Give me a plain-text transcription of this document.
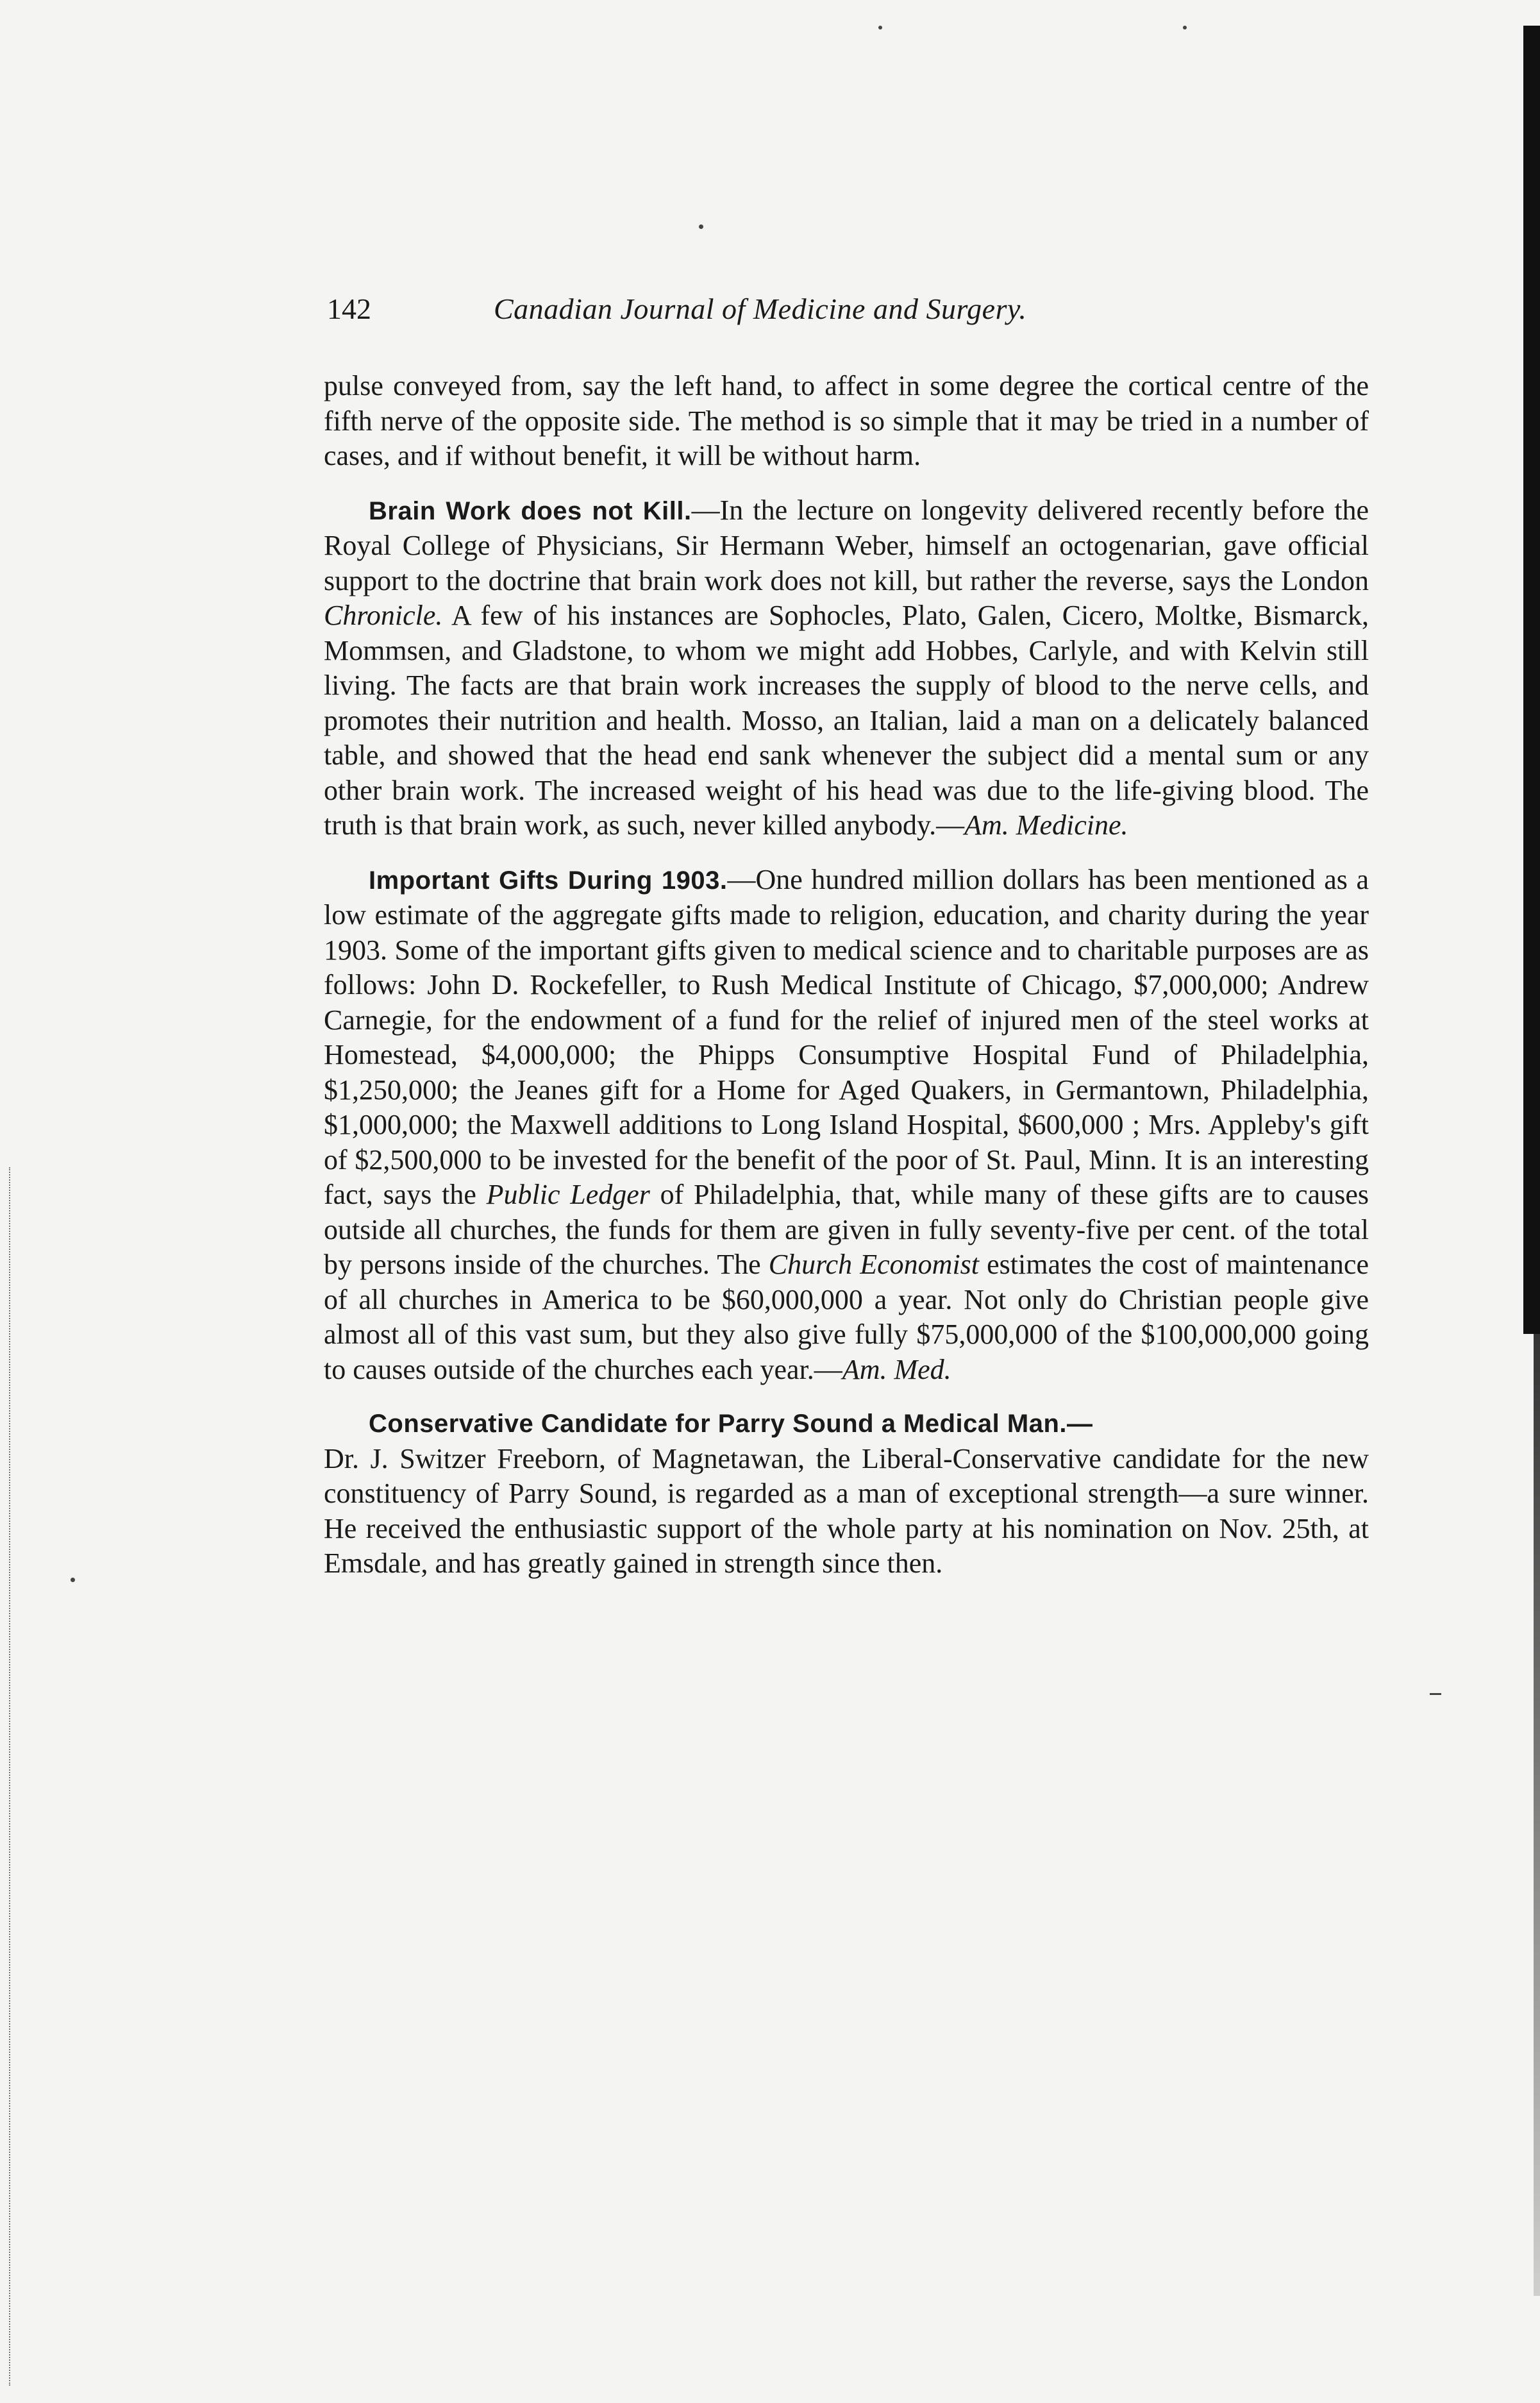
142	Canadian Journal of Medicine and Surgery.

pulse conveyed from, say the left hand, to affect in some degree the cortical centre of the fifth nerve of the opposite side. The method is so simple that it may be tried in a number of cases, and if without benefit, it will be without harm.

Brain Work does not Kill.—In the lecture on longevity delivered recently before the Royal College of Physicians, Sir Hermann Weber, himself an octogenarian, gave official support to the doctrine that brain work does not kill, but rather the reverse, says the London Chronicle. A few of his instances are Sophocles, Plato, Galen, Cicero, Moltke, Bismarck, Mommsen, and Gladstone, to whom we might add Hobbes, Carlyle, and with Kelvin still living. The facts are that brain work increases the supply of blood to the nerve cells, and promotes their nutrition and health. Mosso, an Italian, laid a man on a delicately balanced table, and showed that the head end sank whenever the subject did a mental sum or any other brain work. The increased weight of his head was due to the life-giving blood. The truth is that brain work, as such, never killed anybody.—Am. Medicine.

Important Gifts During 1903.—One hundred million dollars has been mentioned as a low estimate of the aggregate gifts made to religion, education, and charity during the year 1903. Some of the important gifts given to medical science and to charitable purposes are as follows: John D. Rockefeller, to Rush Medical Institute of Chicago, $7,000,000; Andrew Carnegie, for the endowment of a fund for the relief of injured men of the steel works at Homestead, $4,000,000; the Phipps Consumptive Hospital Fund of Philadelphia, $1,250,000; the Jeanes gift for a Home for Aged Quakers, in Germantown, Philadelphia, $1,000,000; the Maxwell additions to Long Island Hospital, $600,000 ; Mrs. Appleby's gift of $2,500,000 to be invested for the benefit of the poor of St. Paul, Minn. It is an interesting fact, says the Public Ledger of Philadelphia, that, while many of these gifts are to causes outside all churches, the funds for them are given in fully seventy-five per cent. of the total by persons inside of the churches. The Church Economist estimates the cost of maintenance of all churches in America to be $60,000,000 a year. Not only do Christian people give almost all of this vast sum, but they also give fully $75,000,000 of the $100,000,000 going to causes outside of the churches each year.—Am. Med.

Conservative Candidate for Parry Sound a Medical Man.—

Dr. J. Switzer Freeborn, of Magnetawan, the Liberal-Conservative candidate for the new constituency of Parry Sound, is regarded as a man of exceptional strength—a sure winner. He received the enthusiastic support of the whole party at his nomination on Nov. 25th, at Emsdale, and has greatly gained in strength since then.
